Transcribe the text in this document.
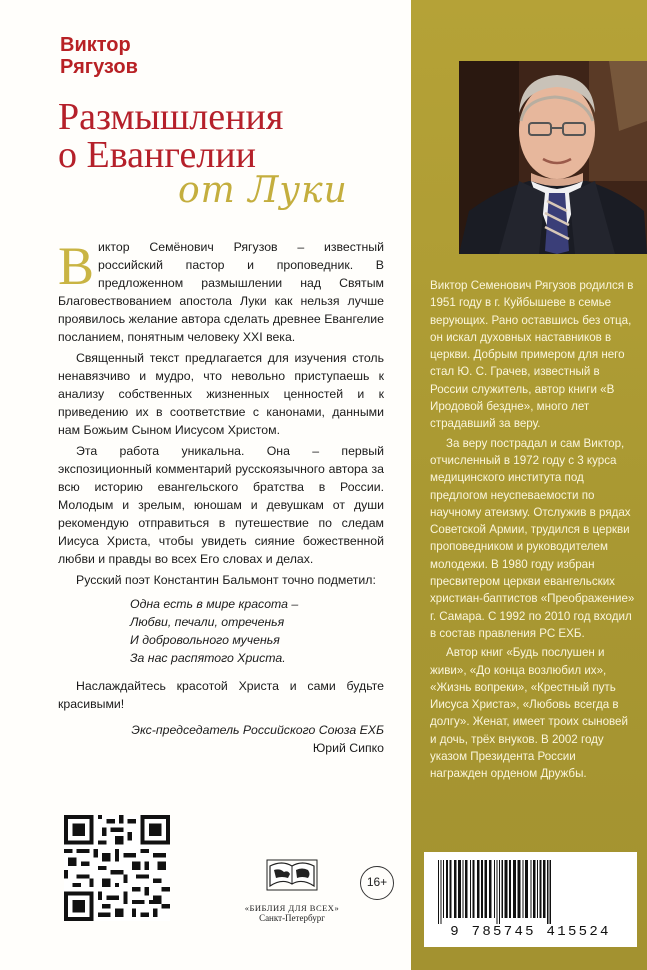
Виктор
Рягузов
Размышления
о Евангелии
от Луки

Виктор Семёнович Рягузов – известный российский пастор и проповедник. В предложенном размышлении над Святым Благовествованием апостола Луки как нельзя лучше проявилось желание автора сделать древнее Евангелие посланием, понятным человеку XXI века.

Священный текст предлагается для изучения столь ненавязчиво и мудро, что невольно приступаешь к анализу собственных жизненных ценностей и к приведению их в соответствие с канонами, данными нам Божьим Сыном Иисусом Христом.

Эта работа уникальна. Она – первый экспозиционный комментарий русскоязычного автора за всю историю евангельского братства в России. Молодым и зрелым, юношам и девушкам от души рекомендую отправиться в путешествие по следам Иисуса Христа, чтобы увидеть сияние божественной любви и правды во всех Его словах и делах.

Русский поэт Константин Бальмонт точно подметил:

Одна есть в мире красота –
Любви, печали, отреченья
И добровольного мученья
За нас распятого Христа.

Наслаждайтесь красотой Христа и сами будьте красивыми!

Экс-председатель Российского Союза ЕХБ
Юрий Сипко
«БИБЛИЯ ДЛЯ ВСЕХ»
Санкт-Петербург
16+

Виктор Семенович Рягузов родился в 1951 году в г. Куйбышеве в семье верующих. Рано оставшись без отца, он искал духовных наставников в церкви. Добрым примером для него стал Ю. С. Грачев, известный в России служитель, автор книги «В Иродовой бездне», много лет страдавший за веру.

За веру пострадал и сам Виктор, отчисленный в 1972 году с 3 курса медицинского института под предлогом неуспеваемости по научному атеизму. Отслужив в рядах Советской Армии, трудился в церкви проповедником и руководителем молодежи. В 1980 году избран пресвитером церкви евангельских христиан-баптистов «Преображение» г. Самара. С 1992 по 2010 год входил в состав правления РС ЕХБ.

Автор книг «Будь послушен и живи», «До конца возлюбил их», «Жизнь вопреки», «Крестный путь Иисуса Христа», «Любовь всегда в долгу». Женат, имеет троих сыновей и дочь, трёх внуков. В 2002 году указом Президента России награжден орденом Дружбы.

9 785745 415524
